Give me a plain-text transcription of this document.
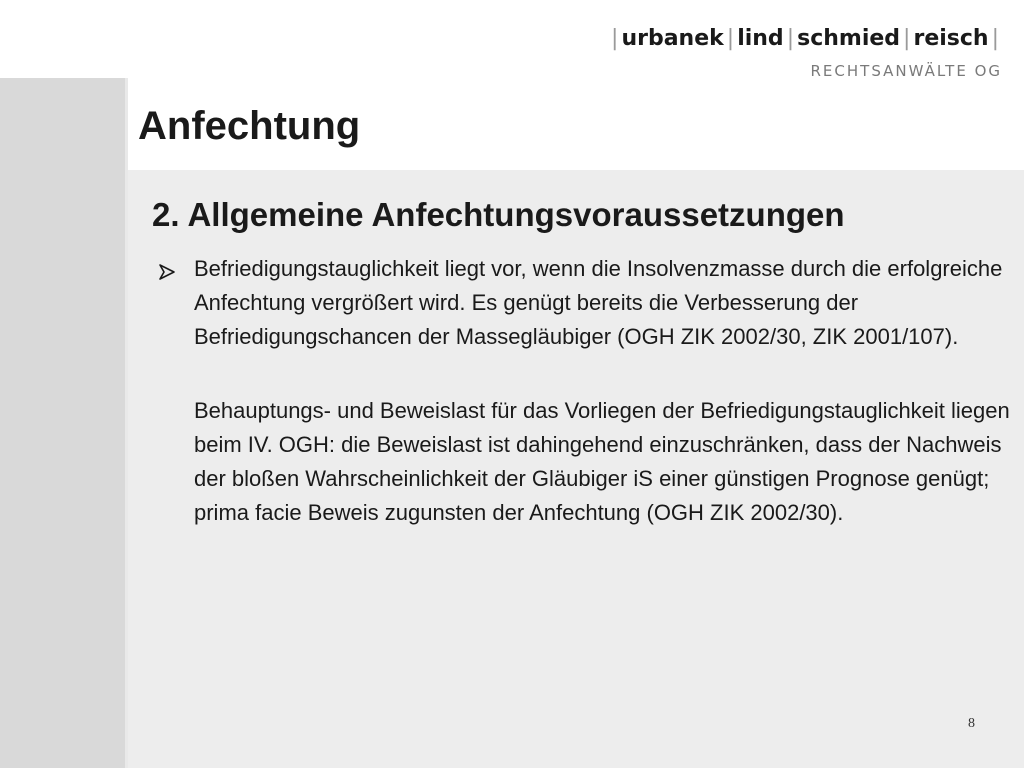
| urbanek | lind | schmied | reisch |
RECHTSANWÄLTE OG
Anfechtung
2. Allgemeine Anfechtungsvoraussetzungen

Befriedigungstauglichkeit liegt vor, wenn die Insolvenzmasse durch die erfolgreiche Anfechtung vergrößert wird. Es genügt bereits die Verbesserung der Befriedigungschancen der Massegläubiger (OGH ZIK 2002/30, ZIK 2001/107).

Behauptungs- und Beweislast für das Vorliegen der Befriedigungstauglichkeit liegen beim IV. OGH: die Beweislast ist dahingehend einzuschränken, dass der Nachweis der bloßen Wahrscheinlichkeit der Gläubiger iS einer günstigen Prognose genügt; prima facie Beweis zugunsten der Anfechtung (OGH ZIK 2002/30).

8
